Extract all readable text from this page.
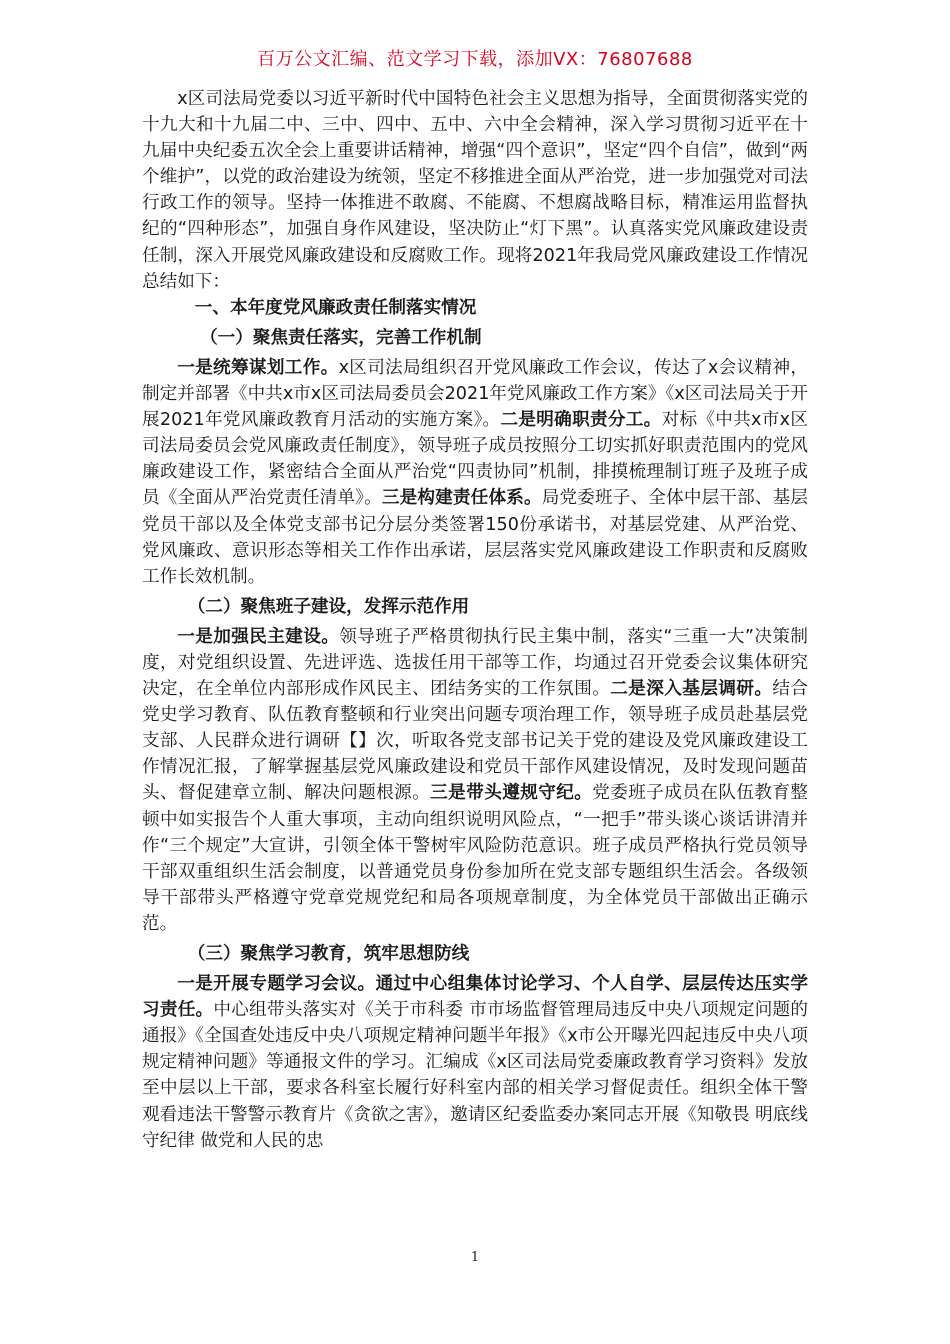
百万公文汇编、范文学习下载，添加VX：76807688

x区司法局党委以习近平新时代中国特色社会主义思想为指导，全面贯彻落实党的十九大和十九届二中、三中、四中、五中、六中全会精神，深入学习贯彻习近平在十九届中央纪委五次全会上重要讲话精神，增强“四个意识”，坚定“四个自信”，做到“两个维护”，以党的政治建设为统领，坚定不移推进全面从严治党，进一步加强党对司法行政工作的领导。坚持一体推进不敢腐、不能腐、不想腐战略目标，精准运用监督执纪的“四种形态”，加强自身作风建设，坚决防止“灯下黑”。认真落实党风廉政建设责任制，深入开展党风廉政建设和反腐败工作。现将2021年我局党风廉政建设工作情况总结如下：

一、本年度党风廉政责任制落实情况
（一）聚焦责任落实，完善工作机制

一是统筹谋划工作。x区司法局组织召开党风廉政工作会议，传达了x会议精神，制定并部署《中共x市x区司法局委员会2021年党风廉政工作方案》《x区司法局关于开展2021年党风廉政教育月活动的实施方案》。二是明确职责分工。对标《中共x市x区司法局委员会党风廉政责任制度》，领导班子成员按照分工切实抓好职责范围内的党风廉政建设工作，紧密结合全面从严治党“四责协同”机制，排摸梳理制订班子及班子成员《全面从严治党责任清单》。三是构建责任体系。局党委班子、全体中层干部、基层党员干部以及全体党支部书记分层分类签署150份承诺书，对基层党建、从严治党、党风廉政、意识形态等相关工作作出承诺，层层落实党风廉政建设工作职责和反腐败工作长效机制。

（二）聚焦班子建设，发挥示范作用

一是加强民主建设。领导班子严格贯彻执行民主集中制，落实“三重一大”决策制度，对党组织设置、先进评选、选拔任用干部等工作，均通过召开党委会议集体研究决定，在全单位内部形成作风民主、团结务实的工作氛围。二是深入基层调研。结合党史学习教育、队伍教育整顿和行业突出问题专项治理工作，领导班子成员赴基层党支部、人民群众进行调研【】次，听取各党支部书记关于党的建设及党风廉政建设工作情况汇报，了解掌握基层党风廉政建设和党员干部作风建设情况，及时发现问题苗头、督促建章立制、解决问题根源。三是带头遵规守纪。党委班子成员在队伍教育整顿中如实报告个人重大事项，主动向组织说明风险点，“一把手”带头谈心谈话讲清并作“三个规定”大宣讲，引领全体干警树牢风险防范意识。班子成员严格执行党员领导干部双重组织生活会制度，以普通党员身份参加所在党支部专题组织生活会。各级领导干部带头严格遵守党章党规党纪和局各项规章制度，为全体党员干部做出正确示范。

（三）聚焦学习教育，筑牢思想防线

一是开展专题学习会议。通过中心组集体讨论学习、个人自学、层层传达压实学习责任。中心组带头落实对《关于市科委 市市场监督管理局违反中央八项规定问题的通报》《全国查处违反中央八项规定精神问题半年报》《x市公开曝光四起违反中央八项规定精神问题》等通报文件的学习。汇编成《x区司法局党委廉政教育学习资料》发放至中层以上干部，要求各科室长履行好科室内部的相关学习督促责任。组织全体干警观看违法干警警示教育片《贪欲之害》，邀请区纪委监委办案同志开展《知敬畏 明底线 守纪律 做党和人民的忠

1
